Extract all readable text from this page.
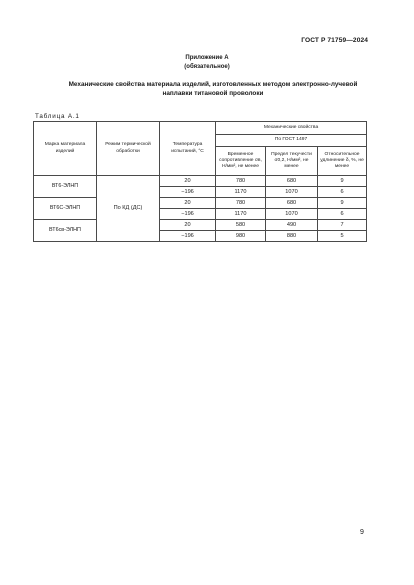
ГОСТ Р 71759—2024
Приложение А
(обязательное)
Механические свойства материала изделий, изготовленных методом электронно-лучевой
наплавки титановой проволоки
Таблица А.1
Марка материала изделий	Режим термической обработки	Температура испытаний, °С	Механические свойства		
			По ГОСТ 1497		
			Временное сопротивление σв, Н/мм², не менее	Предел текучести σ0,2, Н/мм², не менее	Относительное удлинение δ, %, не менее
ВТ6-ЭЛНП	По КД (ДС)	20	780	680	9
		−196	1170	1070	6
ВТ6С-ЭЛНП		20	780	680	9
		−196	1170	1070	6
ВТ6св-ЭЛНП		20	580	490	7
		−196	980	880	5
9
